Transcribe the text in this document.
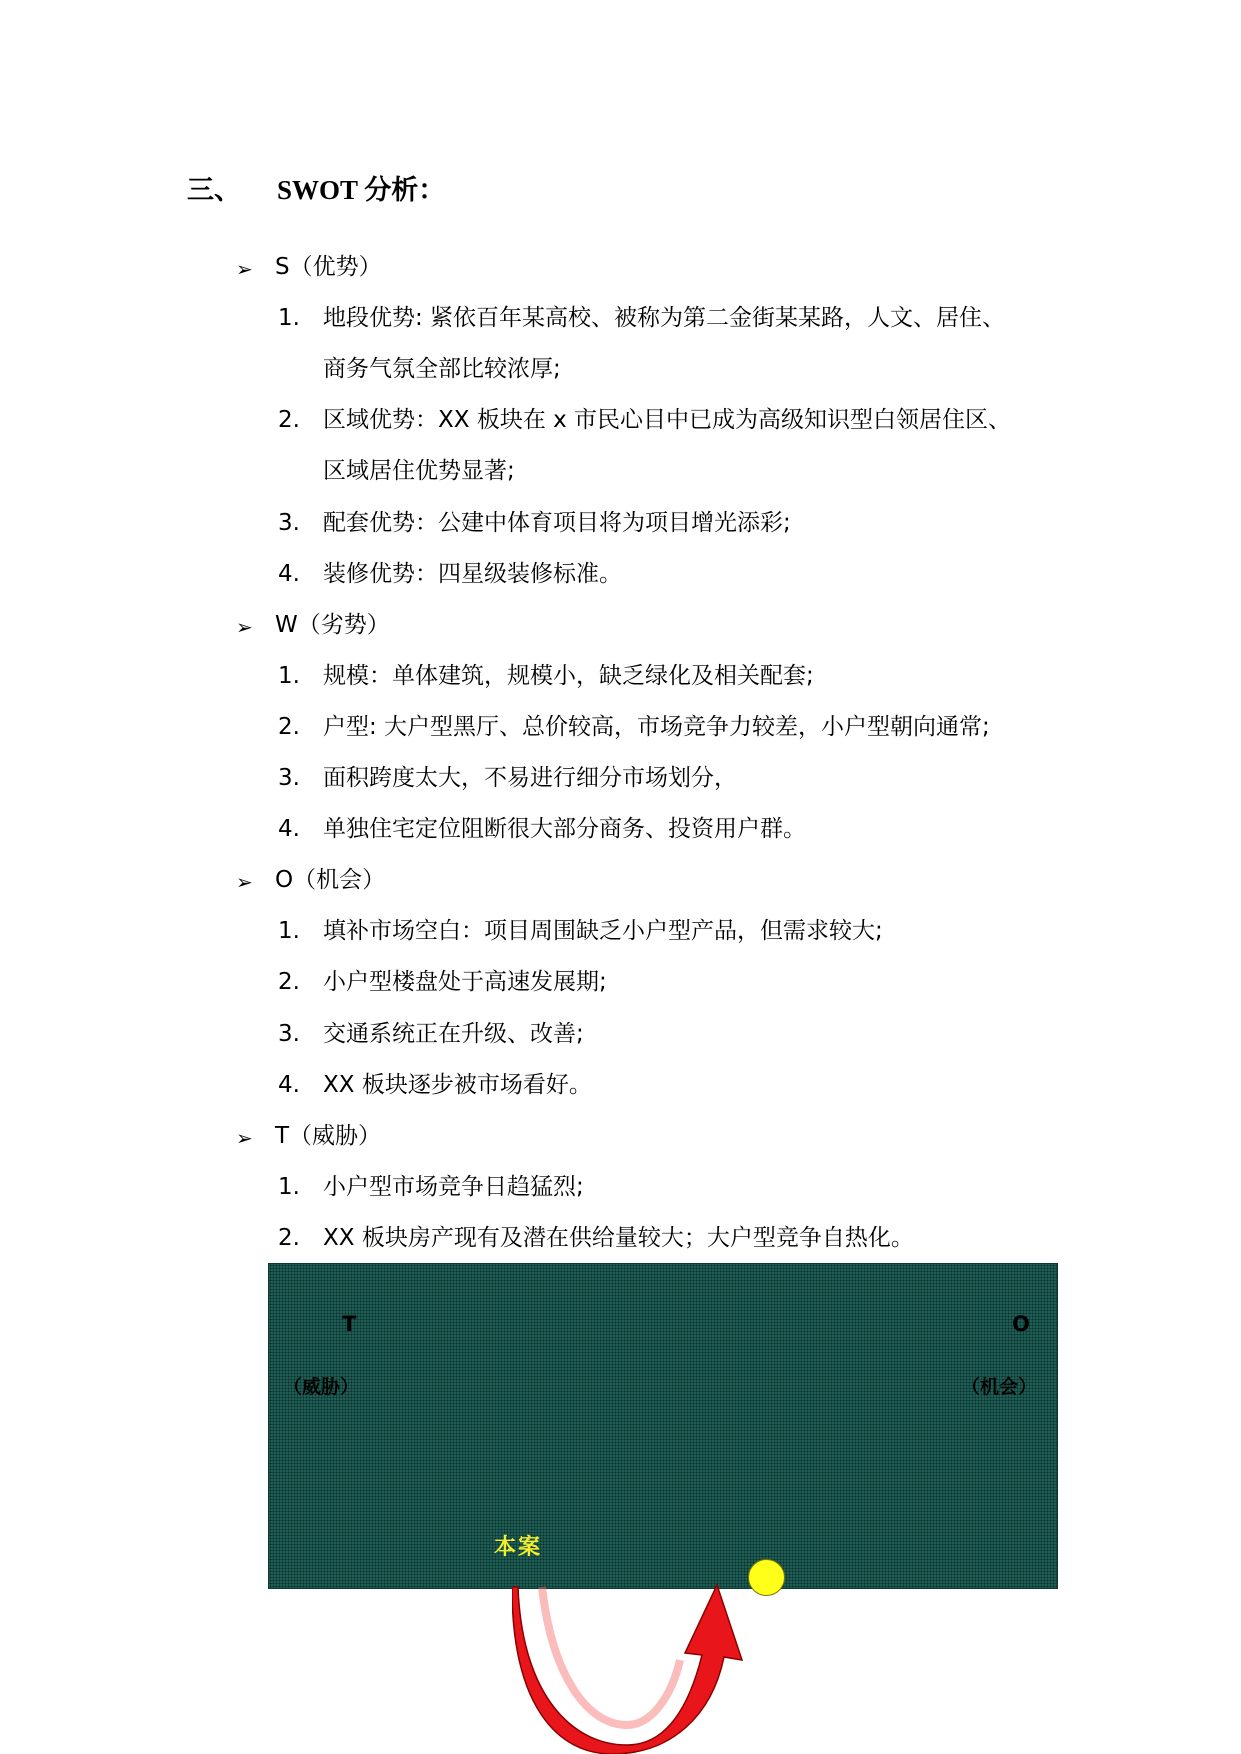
三、 SWOT 分析：
➢ S（优势）
1. 地段优势: 紧依百年某高校、被称为第二金街某某路，人文、居住、
商务气氛全部比较浓厚;
2. 区域优势：XX 板块在 x 市民心目中已成为高级知识型白领居住区、
区域居住优势显著;
3. 配套优势：公建中体育项目将为项目增光添彩;
4. 装修优势：四星级装修标准。
➢ W（劣势）
1. 规模：单体建筑，规模小，缺乏绿化及相关配套;
2. 户型: 大户型黑厅、总价较高，市场竞争力较差，小户型朝向通常;
3. 面积跨度太大，不易进行细分市场划分，
4. 单独住宅定位阻断很大部分商务、投资用户群。
➢ O（机会）
1. 填补市场空白：项目周围缺乏小户型产品，但需求较大;
2. 小户型楼盘处于高速发展期;
3. 交通系统正在升级、改善;
4. XX 板块逐步被市场看好。
➢ T（威胁）
1. 小户型市场竞争日趋猛烈;
2. XX 板块房产现有及潜在供给量较大；大户型竞争自热化。
T
（威胁）
O
（机会）
本案
